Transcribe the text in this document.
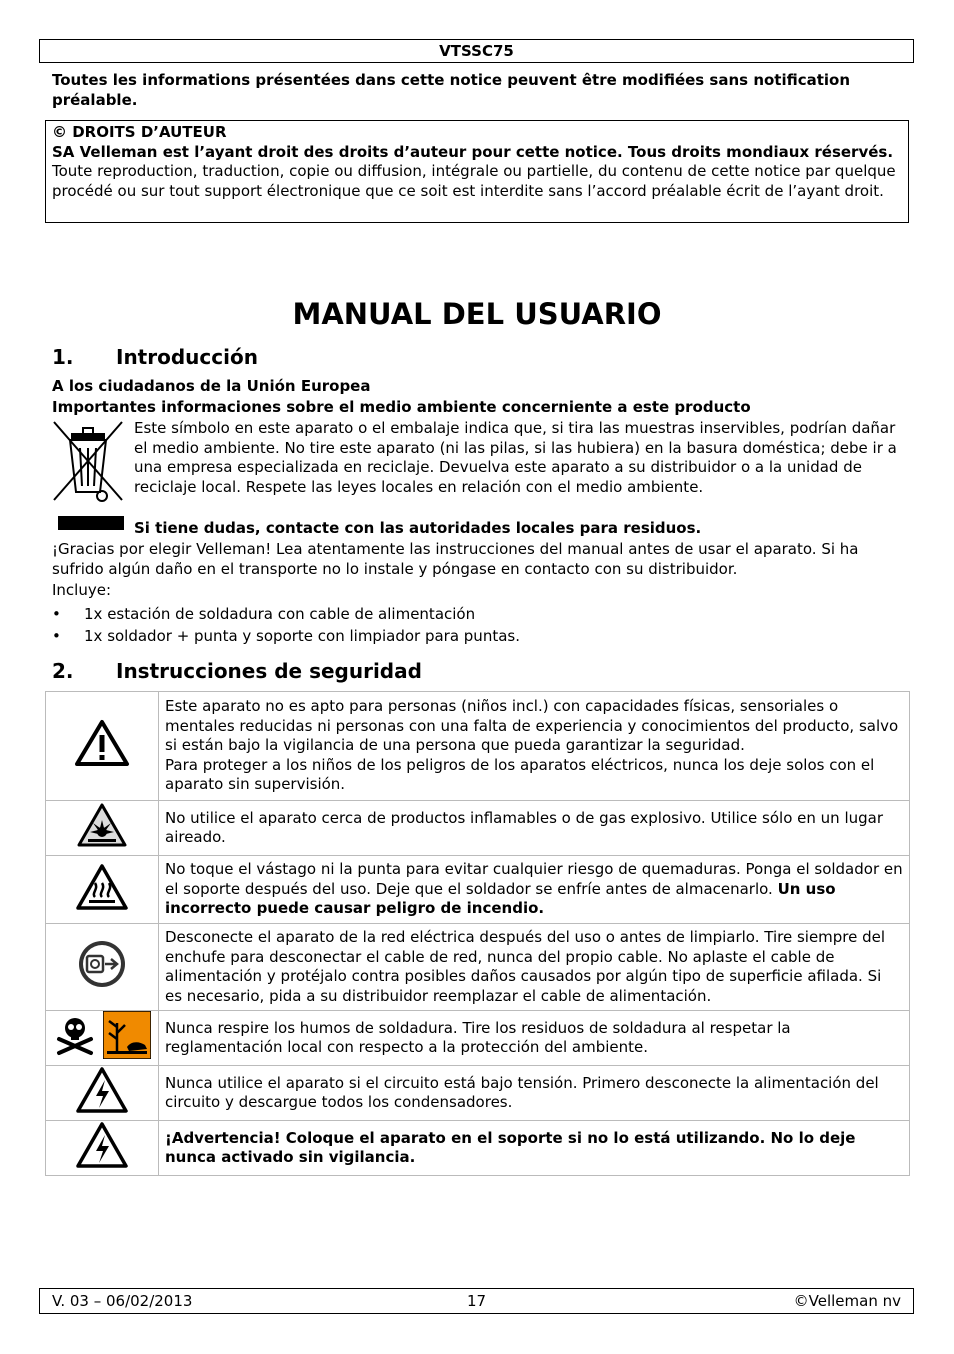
VTSSC75
Toutes les informations présentées dans cette notice peuvent être modifiées sans notification préalable.

© DROITS D’AUTEUR

SA Velleman est l’ayant droit des droits d’auteur pour cette notice. Tous droits mondiaux réservés. Toute reproduction, traduction, copie ou diffusion, intégrale ou partielle, du contenu de cette notice par quelque procédé ou sur tout support électronique que ce soit est interdite sans l’accord préalable écrit de l’ayant droit.

MANUAL DEL USUARIO
1. Introducción
A los ciudadanos de la Unión Europea
Importantes informaciones sobre el medio ambiente concerniente a este producto
Este símbolo en este aparato o el embalaje indica que, si tira las muestras inservibles, podrían dañar el medio ambiente. No tire este aparato (ni las pilas, si las hubiera) en la basura doméstica; debe ir a una empresa especializada en reciclaje. Devuelva este aparato a su distribuidor o a la unidad de reciclaje local. Respete las leyes locales en relación con el medio ambiente.
Si tiene dudas, contacte con las autoridades locales para residuos.
¡Gracias por elegir Velleman! Lea atentamente las instrucciones del manual antes de usar el aparato. Si ha sufrido algún daño en el transporte no lo instale y póngase en contacto con su distribuidor.
Incluye:
• 1x estación de soldadura con cable de alimentación
• 1x soldador + punta y soporte con limpiador para puntas.
2. Instrucciones de seguridad

Este aparato no es apto para personas (niños incl.) con capacidades físicas, sensoriales o mentales reducidas ni personas con una falta de experiencia y conocimientos del producto, salvo si están bajo la vigilancia de una persona que pueda garantizar la seguridad.

Para proteger a los niños de los peligros de los aparatos eléctricos, nunca los deje solos con el aparato sin supervisión.

	No utilice el aparato cerca de productos inflamables o de gas explosivo. Utilice sólo en un lugar aireado.
	No toque el vástago ni la punta para evitar cualquier riesgo de quemaduras. Ponga el soldador en el soporte después del uso. Deje que el soldador se enfríe antes de almacenarlo. Un uso incorrecto puede causar peligro de incendio.
	Desconecte el aparato de la red eléctrica después del uso o antes de limpiarlo. Tire siempre del enchufe para desconectar el cable de red, nunca del propio cable. No aplaste el cable de alimentación y protéjalo contra posibles daños causados por algún tipo de superficie afilada. Si es necesario, pida a su distribuidor reemplazar el cable de alimentación.

	Nunca respire los humos de soldadura. Tire los residuos de soldadura al respetar la reglamentación local con respecto a la protección del ambiente.
	Nunca utilice el aparato si el circuito está bajo tensión. Primero desconecte la alimentación del circuito y descargue todos los condensadores.
	¡Advertencia! Coloque el aparato en el soporte si no lo está utilizando. No lo deje nunca activado sin vigilancia.
V. 03 – 06/02/2013	17	©Velleman nv
